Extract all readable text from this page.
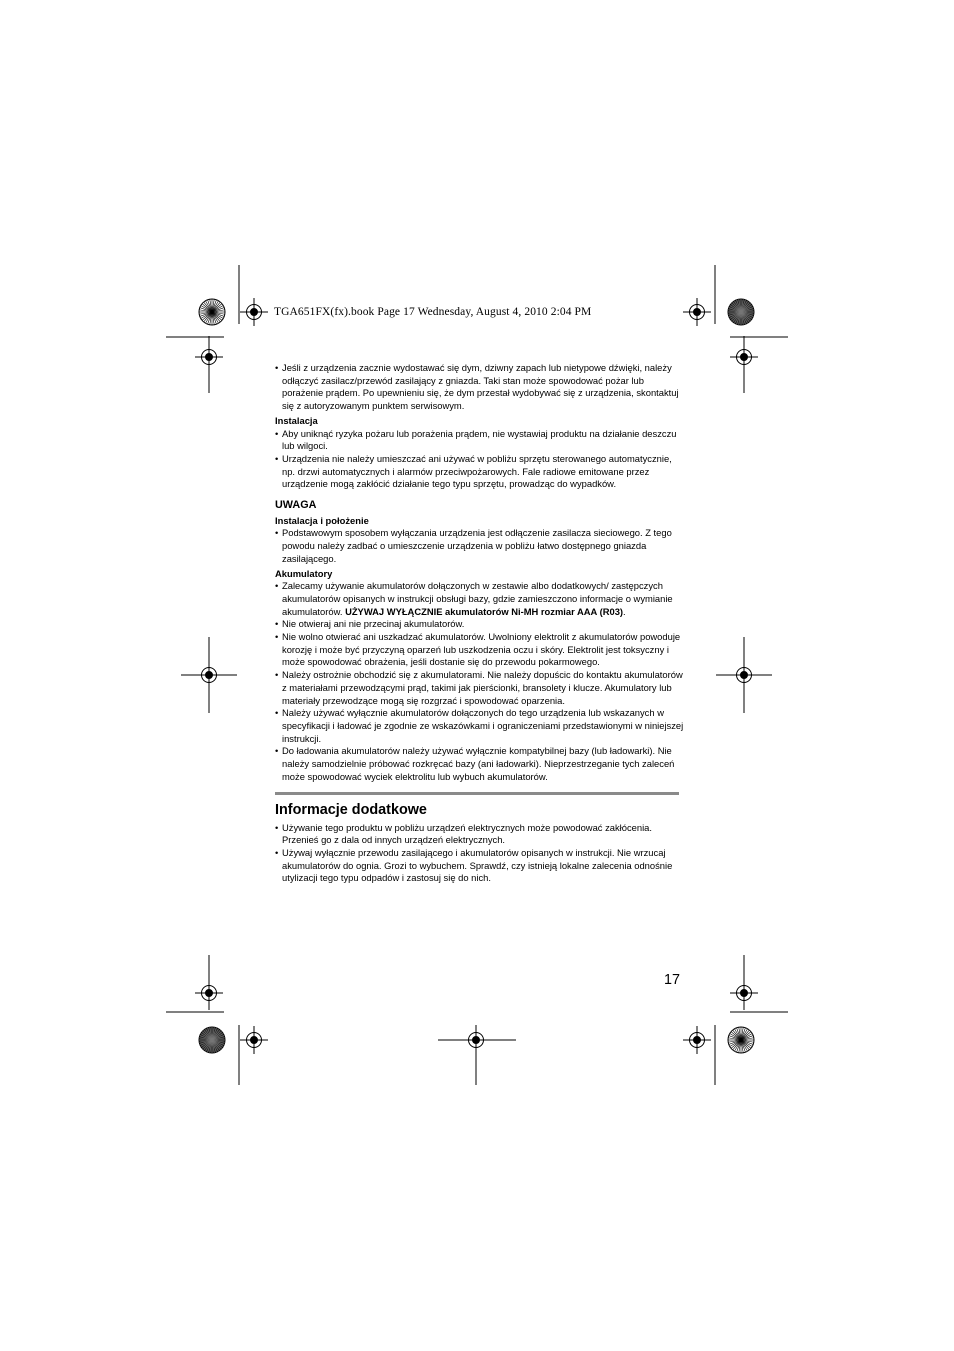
TGA651FX(fx).book Page 17 Wednesday, August 4, 2010 2:04 PM

• Jeśli z urządzenia zacznie wydostawać się dym, dziwny zapach lub nietypowe dźwięki, należy odłączyć zasilacz/przewód zasilający z gniazda. Taki stan może spowodować pożar lub porażenie prądem. Po upewnieniu się, że dym przestał wydobywać się z urządzenia, skontaktuj się z autoryzowanym punktem serwisowym.

Instalacja

• Aby uniknąć ryzyka pożaru lub porażenia prądem, nie wystawiaj produktu na działanie deszczu lub wilgoci.

• Urządzenia nie należy umieszczać ani używać w pobliżu sprzętu sterowanego automatycznie, np. drzwi automatycznych i alarmów przeciwpożarowych. Fale radiowe emitowane przez urządzenie mogą zakłócić działanie tego typu sprzętu, prowadząc do wypadków.

UWAGA

Instalacja i położenie

• Podstawowym sposobem wyłączania urządzenia jest odłączenie zasilacza sieciowego. Z tego powodu należy zadbać o umieszczenie urządzenia w pobliżu łatwo dostępnego gniazda zasilającego.

Akumulatory

• Zalecamy używanie akumulatorów dołączonych w zestawie albo dodatkowych/ zastępczych akumulatorów opisanych w instrukcji obsługi bazy, gdzie zamieszczono informacje o wymianie akumulatorów. UŻYWAJ WYŁĄCZNIE akumulatorów Ni-MH rozmiar AAA (R03).

• Nie otwieraj ani nie przecinaj akumulatorów.

• Nie wolno otwierać ani uszkadzać akumulatorów. Uwolniony elektrolit z akumulatorów powoduje korozję i może być przyczyną oparzeń lub uszkodzenia oczu i skóry. Elektrolit jest toksyczny i może spowodować obrażenia, jeśli dostanie się do przewodu pokarmowego.

• Należy ostrożnie obchodzić się z akumulatorami. Nie należy dopuścic do kontaktu akumulatorów z materiałami przewodzącymi prąd, takimi jak pierścionki, bransolety i klucze. Akumulatory lub materiały przewodzące mogą się rozgrzać i spowodować oparzenia.

• Należy używać wyłącznie akumulatorów dołączonych do tego urządzenia lub wskazanych w specyfikacji i ładować je zgodnie ze wskazówkami i ograniczeniami przedstawionymi w niniejszej instrukcji.

• Do ładowania akumulatorów należy używać wyłącznie kompatybilnej bazy (lub ładowarki). Nie należy samodzielnie próbować rozkręcać bazy (ani ładowarki). Nieprzestrzeganie tych zaleceń może spowodować wyciek elektrolitu lub wybuch akumulatorów.

Informacje dodatkowe

• Używanie tego produktu w pobliżu urządzeń elektrycznych może powodować zakłócenia. Przenieś go z dala od innych urządzeń elektrycznych.

• Używaj wyłącznie przewodu zasilającego i akumulatorów opisanych w instrukcji. Nie wrzucaj akumulatorów do ognia. Grozi to wybuchem. Sprawdź, czy istnieją lokalne zalecenia odnośnie utylizacji tego typu odpadów i zastosuj się do nich.

17
